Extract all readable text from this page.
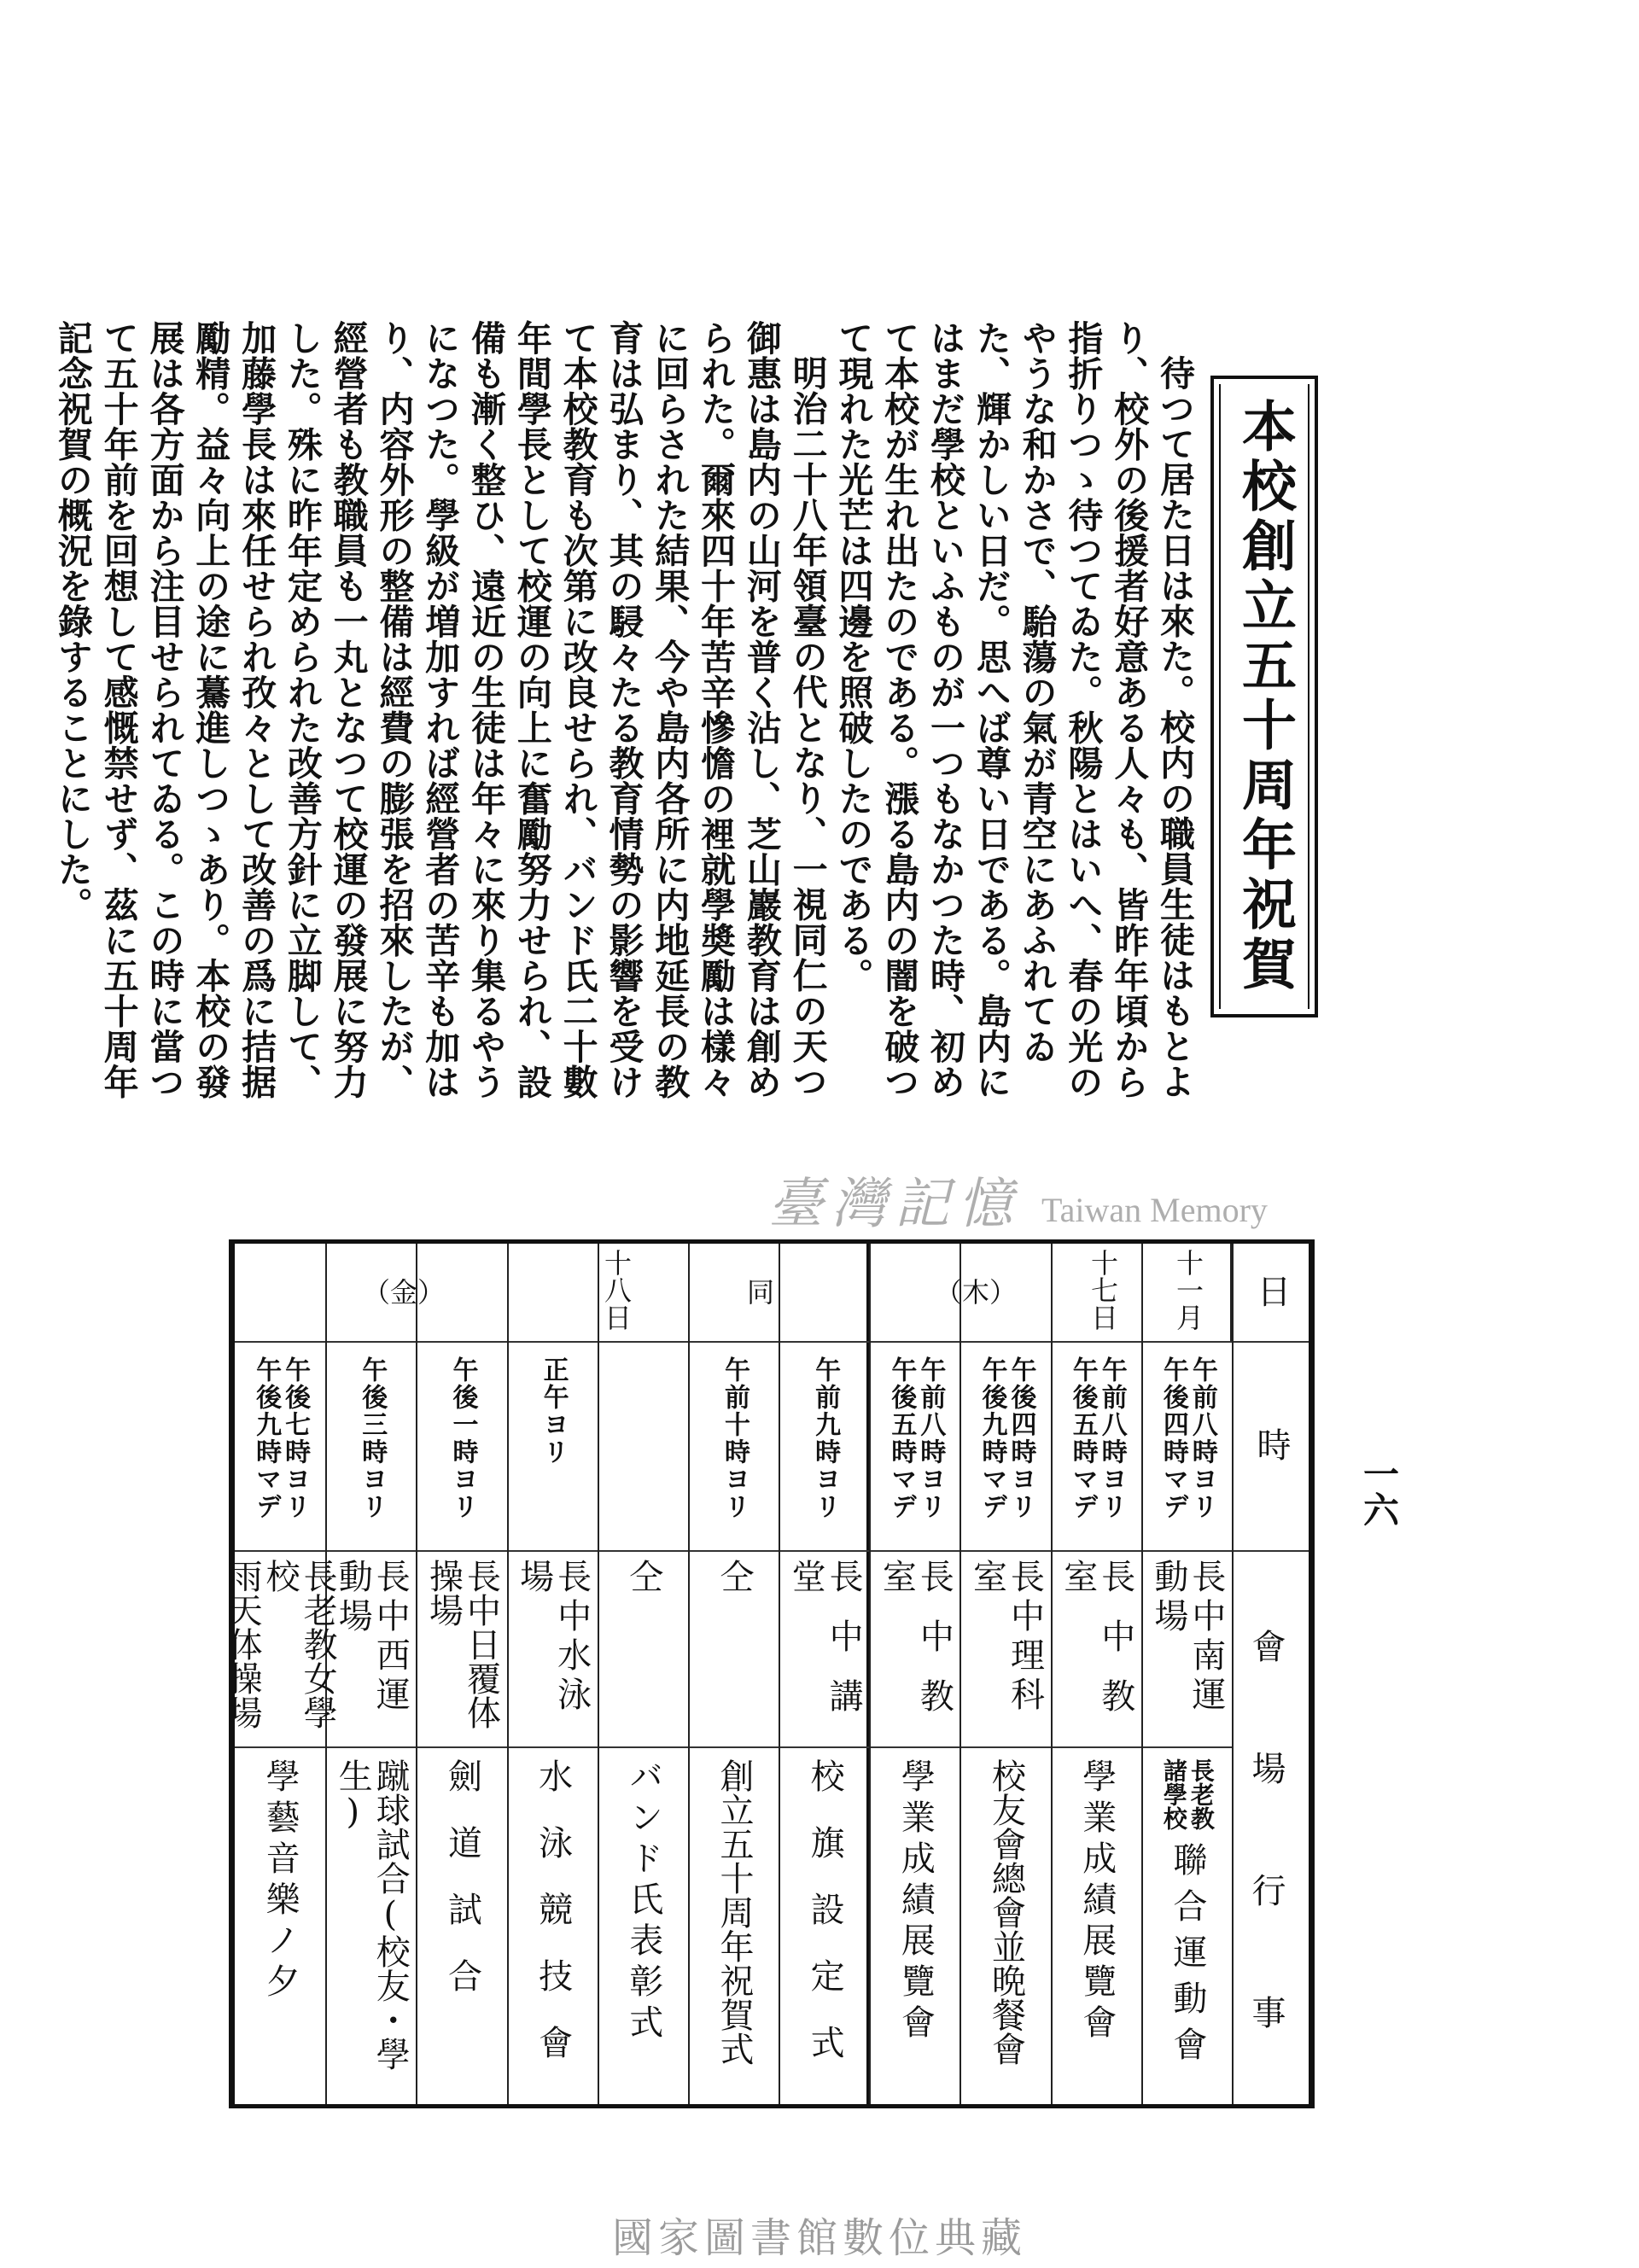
本校創立五十周年祝賀
待つて居た日は來た。校内の職員生徒はもとより、校外の後援者好意ある人々も、皆昨年頃から指折りつゝ待つてゐた。秋陽とはいへ、春の光のやうな和かさで、駘蕩の氣が青空にあふれてゐた、輝かしい日だ。思へば尊い日である。島内にはまだ學校といふものが一つもなかつた時、初めて本校が生れ出たのである。漲る島内の闇を破つて現れた光芒は四邊を照破したのである。
明治二十八年領臺の代となり、一視同仁の天つ御惠は島内の山河を普く沾し、芝山巖教育は創められた。爾來四十年苦辛慘憺の裡就學奬勵は樣々に回らされた結果、今や島内各所に内地延長の教育は弘まり、其の駸々たる教育情勢の影響を受けて本校教育も次第に改良せられ、バンド氏二十數年間學長として校運の向上に奮勵努力せられ、設備も漸く整ひ、遠近の生徒は年々に來り集るやうになつた。學級が増加すれば經營者の苦辛も加はり、内容外形の整備は經費の膨張を招來したが、經營者も教職員も一丸となつて校運の發展に努力した。殊に昨年定められた改善方針に立脚して、加藤學長は來任せられ孜々として改善の爲に拮据勵精。益々向上の途に驀進しつゝあり。本校の發展は各方面から注目せられてゐる。この時に當つて五十年前を回想して感慨禁せず、茲に五十周年記念祝賀の概況を錄することにした。
日
時
會
場
行
事
十一月
十七日
（木）
同
十八日
（金）
午前八時ヨリ
午後四時マデ
長中南運動場
長老教
諸學校
聯合運動會
午前八時ヨリ
午後五時マデ
長中教室
學業成績展覽會
午後四時ヨリ
午後九時マデ
長中理科室
校友會總會並晩餐會
午前八時ヨリ
午後五時マデ
長中教室
學業成績展覽會
午前九時ヨリ
長中講堂
校旗設定式
午前十時ヨリ
仝
創立五十周年祝賀式
仝
バンド氏表彰式
正午ヨリ
長中水泳場
水泳競技會
午後一時ヨリ
長中日覆体操場
劍道試合
午後三時ヨリ
長中西運動場
蹴球試合(校友・學生)
午後七時ヨリ
午後九時マデ
長老教女學校
雨天体操場
學藝音樂ノ夕
一六
臺灣記憶 Taiwan Memory
國家圖書館數位典藏
